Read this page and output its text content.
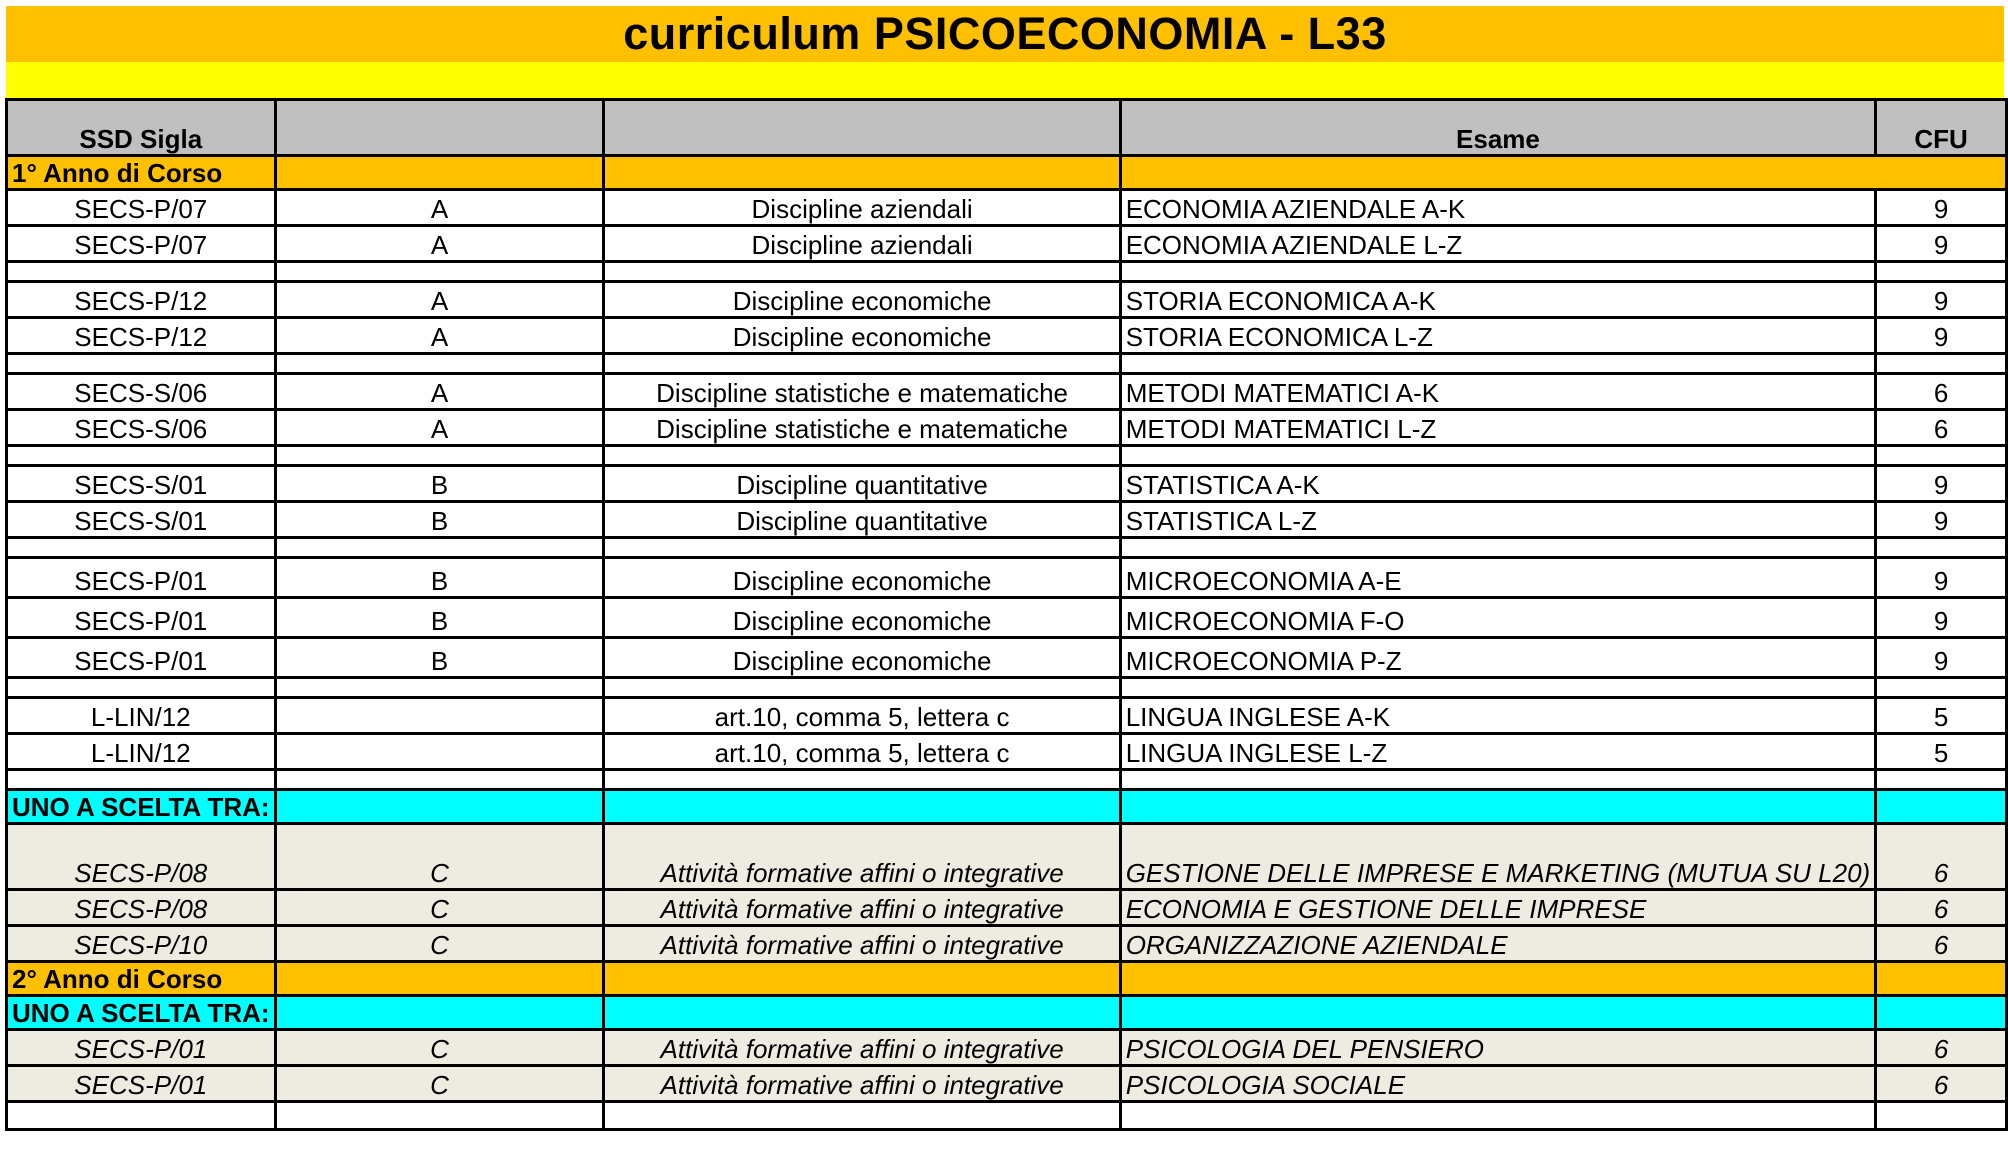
curriculum PSICOECONOMIA - L33
SSD Sigla			Esame	CFU
1° Anno di Corso				
SECS-P/07	A	Discipline aziendali	ECONOMIA AZIENDALE A-K	9
SECS-P/07	A	Discipline aziendali	ECONOMIA AZIENDALE L-Z	9

SECS-P/12	A	Discipline economiche	STORIA ECONOMICA A-K	9
SECS-P/12	A	Discipline economiche	STORIA ECONOMICA L-Z	9

SECS-S/06	A	Discipline statistiche e matematiche	METODI MATEMATICI A-K	6
SECS-S/06	A	Discipline statistiche e matematiche	METODI MATEMATICI L-Z	6

SECS-S/01	B	Discipline quantitative	STATISTICA A-K	9
SECS-S/01	B	Discipline quantitative	STATISTICA L-Z	9

SECS-P/01	B	Discipline economiche	MICROECONOMIA A-E	9
SECS-P/01	B	Discipline economiche	MICROECONOMIA F-O	9
SECS-P/01	B	Discipline economiche	MICROECONOMIA P-Z	9

L-LIN/12		art.10, comma 5, lettera c	LINGUA INGLESE A-K	5
L-LIN/12		art.10, comma 5, lettera c	LINGUA INGLESE L-Z	5

UNO A SCELTA TRA:				
SECS-P/08	C	Attività formative affini o integrative	GESTIONE DELLE IMPRESE E MARKETING (MUTUA SU L20)	6
SECS-P/08	C	Attività formative affini o integrative	ECONOMIA E GESTIONE DELLE IMPRESE	6
SECS-P/10	C	Attività formative affini o integrative	ORGANIZZAZIONE AZIENDALE	6
2° Anno di Corso				
UNO A SCELTA TRA:				
SECS-P/01	C	Attività formative affini o integrative	PSICOLOGIA DEL PENSIERO	6
SECS-P/01	C	Attività formative affini o integrative	PSICOLOGIA SOCIALE	6
